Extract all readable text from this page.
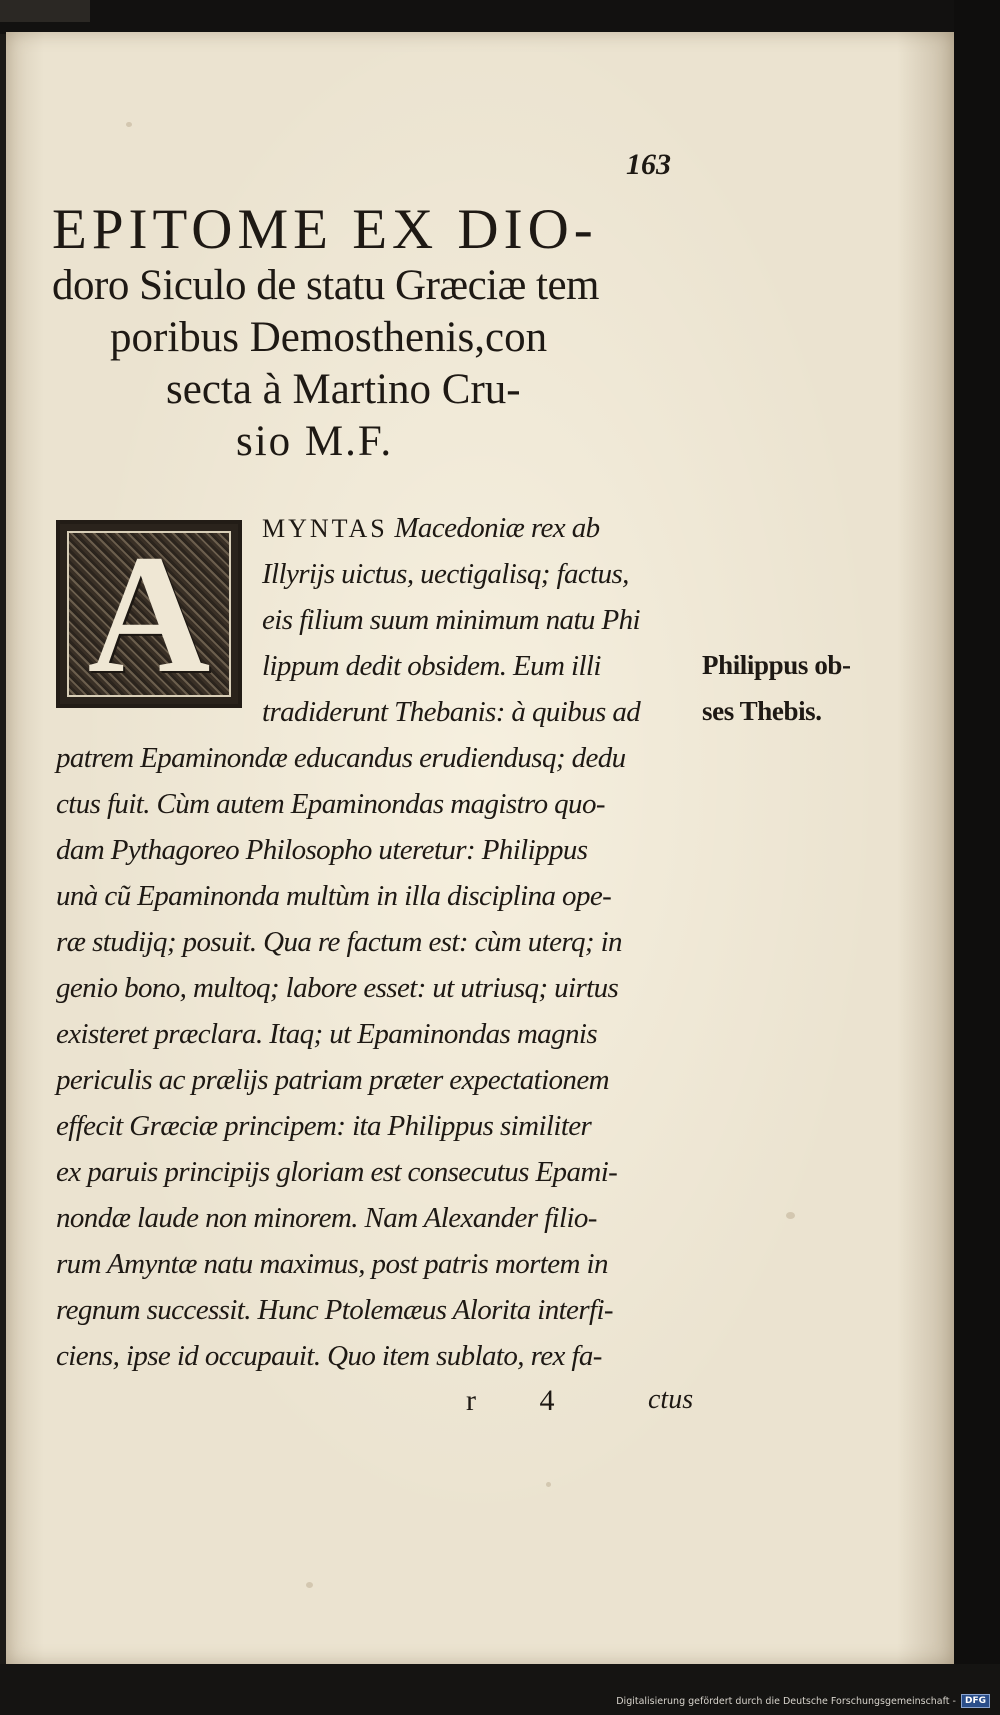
163
EPITOME EX DIO-
doro Siculo de statu Græciæ tem
poribus Demosthenis,con
secta à Martino Cru-
sio M.F.
A	MYNTAS Macedoniæ rex ab
Illyrijs uictus, uectigalisq; factus,
eis filium suum minimum natu Phi
lippum dedit obsidem. Eum illi
tradiderunt Thebanis: à quibus ad
patrem Epaminondæ educandus erudiendusq; dedu
ctus fuit. Cùm autem Epaminondas magistro quo-
dam Pythagoreo Philosopho uteretur: Philippus
unà cũ Epaminonda multùm in illa disciplina ope-
ræ studijq; posuit. Qua re factum est: cùm uterq; in
genio bono, multoq; labore esset: ut utriusq; uirtus
existeret præclara. Itaq; ut Epaminondas magnis
periculis ac prælijs patriam præter expectationem
effecit Græciæ principem: ita Philippus similiter
ex paruis principijs gloriam est consecutus Epami-
nondæ laude non minorem. Nam Alexander filio-
rum Amyntæ natu maximus, post patris mortem in
regnum successit. Hunc Ptolemæus Alorita interfi-
ciens, ipse id occupauit. Quo item sublato, rex fa-
Philippus ob-
ses Thebis.
r 4 ctus
Digitalisierung gefördert durch die Deutsche Forschungsgemeinschaft -	DFG
